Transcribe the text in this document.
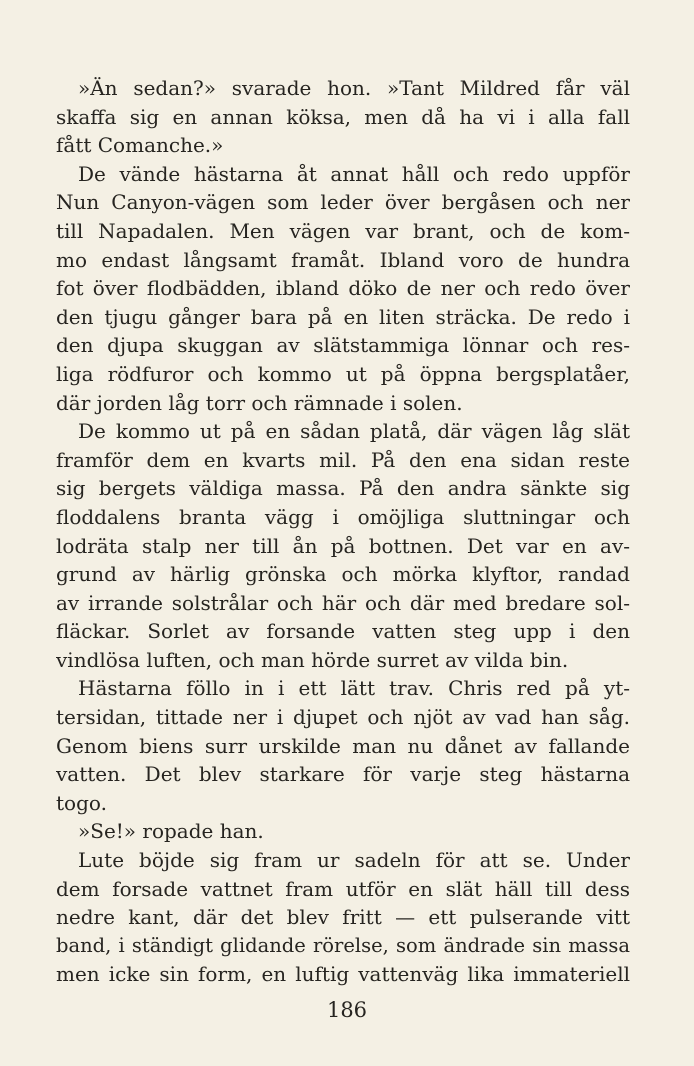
»Än sedan?» svarade hon. »Tant Mildred får väl
skaffa sig en annan köksa, men då ha vi i alla fall
fått Comanche.»
De vände hästarna åt annat håll och redo uppför
Nun Canyon-vägen som leder över bergåsen och ner
till Napadalen. Men vägen var brant, och de kom-
mo endast långsamt framåt. Ibland voro de hundra
fot över flodbädden, ibland döko de ner och redo över
den tjugu gånger bara på en liten sträcka. De redo i
den djupa skuggan av slätstammiga lönnar och res-
liga rödfuror och kommo ut på öppna bergsplatåer,
där jorden låg torr och rämnade i solen.
De kommo ut på en sådan platå, där vägen låg slät
framför dem en kvarts mil. På den ena sidan reste
sig bergets väldiga massa. På den andra sänkte sig
floddalens branta vägg i omöjliga sluttningar och
lodräta stalp ner till ån på bottnen. Det var en av-
grund av härlig grönska och mörka klyftor, randad
av irrande solstrålar och här och där med bredare sol-
fläckar. Sorlet av forsande vatten steg upp i den
vindlösa luften, och man hörde surret av vilda bin.
Hästarna föllo in i ett lätt trav. Chris red på yt-
tersidan, tittade ner i djupet och njöt av vad han såg.
Genom biens surr urskilde man nu dånet av fallande
vatten. Det blev starkare för varje steg hästarna
togo.
»Se!» ropade han.
Lute böjde sig fram ur sadeln för att se. Under
dem forsade vattnet fram utför en slät häll till dess
nedre kant, där det blev fritt — ett pulserande vitt
band, i ständigt glidande rörelse, som ändrade sin massa
men icke sin form, en luftig vattenväg lika immateriell
186
